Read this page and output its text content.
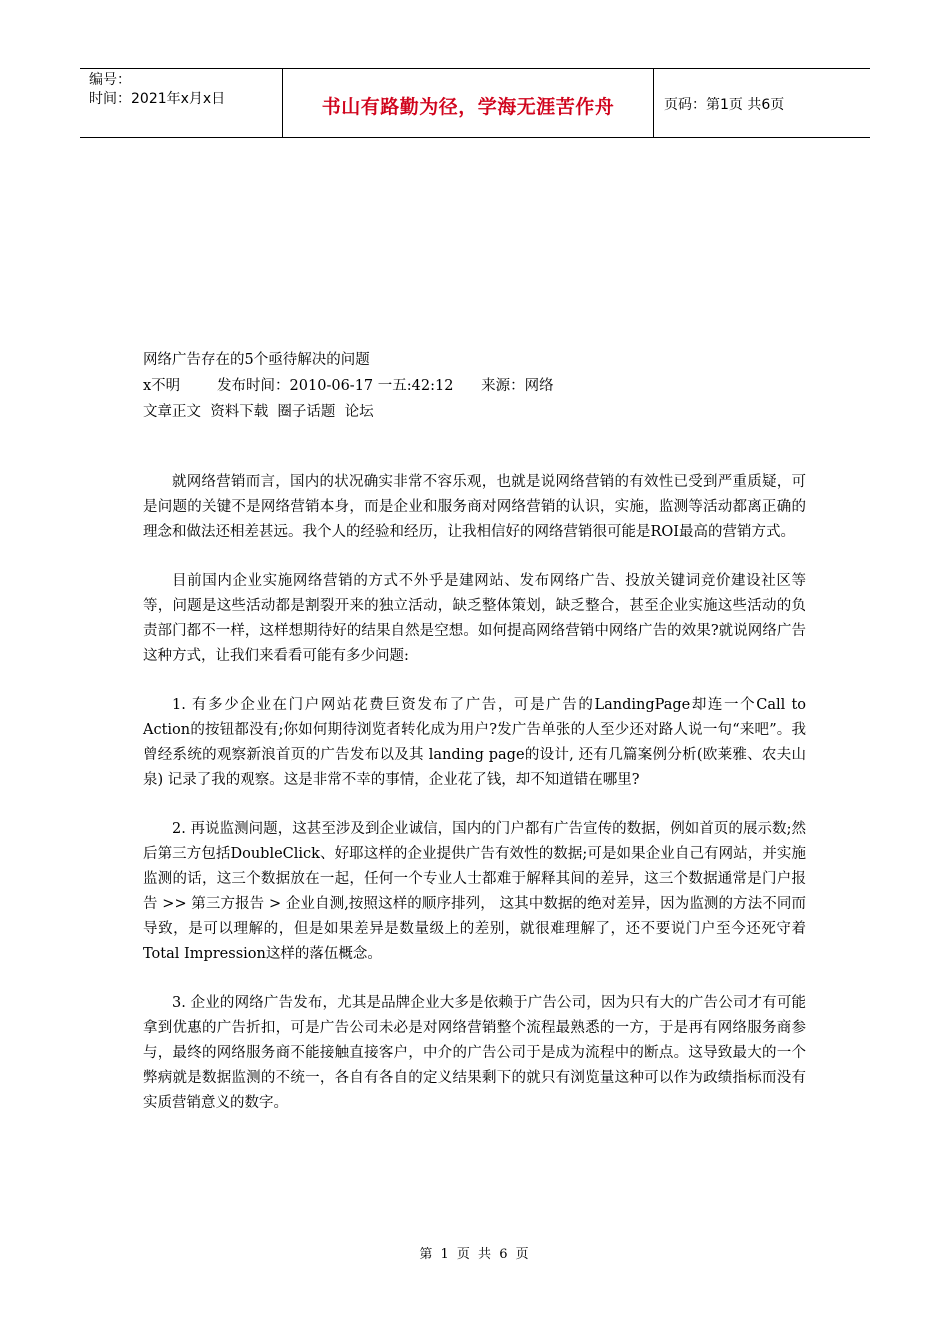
编号：
时间：2021年x月x日	书山有路勤为径，学海无涯苦作舟	页码：第1页 共6页
网络广告存在的5个亟待解决的问题
x不明        发布时间：2010-06-17 一五:42:12      来源：网络
文章正文  资料下载  圈子话题  论坛

就网络营销而言，国内的状况确实非常不容乐观，也就是说网络营销的有效性已受到严重质疑，可是问题的关键不是网络营销本身，而是企业和服务商对网络营销的认识，实施，监测等活动都离正确的理念和做法还相差甚远。我个人的经验和经历，让我相信好的网络营销很可能是ROI最高的营销方式。

目前国内企业实施网络营销的方式不外乎是建网站、发布网络广告、投放关键词竞价建设社区等等，问题是这些活动都是割裂开来的独立活动，缺乏整体策划，缺乏整合，甚至企业实施这些活动的负责部门都不一样，这样想期待好的结果自然是空想。如何提高网络营销中网络广告的效果?就说网络广告这种方式，让我们来看看可能有多少问题:

1. 有多少企业在门户网站花费巨资发布了广告，可是广告的LandingPage却连一个Call to Action的按钮都没有;你如何期待浏览者转化成为用户?发广告单张的人至少还对路人说一句“来吧”。我曾经系统的观察新浪首页的广告发布以及其 landing page的设计, 还有几篇案例分析(欧莱雅、农夫山泉) 记录了我的观察。这是非常不幸的事情，企业花了钱，却不知道错在哪里?

2. 再说监测问题，这甚至涉及到企业诚信，国内的门户都有广告宣传的数据，例如首页的展示数;然后第三方包括DoubleClick、好耶这样的企业提供广告有效性的数据;可是如果企业自己有网站，并实施监测的话，这三个数据放在一起，任何一个专业人士都难于解释其间的差异，这三个数据通常是门户报告 >> 第三方报告 > 企业自测,按照这样的顺序排列， 这其中数据的绝对差异，因为监测的方法不同而导致，是可以理解的，但是如果差异是数量级上的差别，就很难理解了，还不要说门户至今还死守着Total Impression这样的落伍概念。

3. 企业的网络广告发布，尤其是品牌企业大多是依赖于广告公司，因为只有大的广告公司才有可能拿到优惠的广告折扣，可是广告公司未必是对网络营销整个流程最熟悉的一方，于是再有网络服务商参与，最终的网络服务商不能接触直接客户，中介的广告公司于是成为流程中的断点。这导致最大的一个弊病就是数据监测的不统一，各自有各自的定义结果剩下的就只有浏览量这种可以作为政绩指标而没有实质营销意义的数字。

第 1 页 共 6 页
